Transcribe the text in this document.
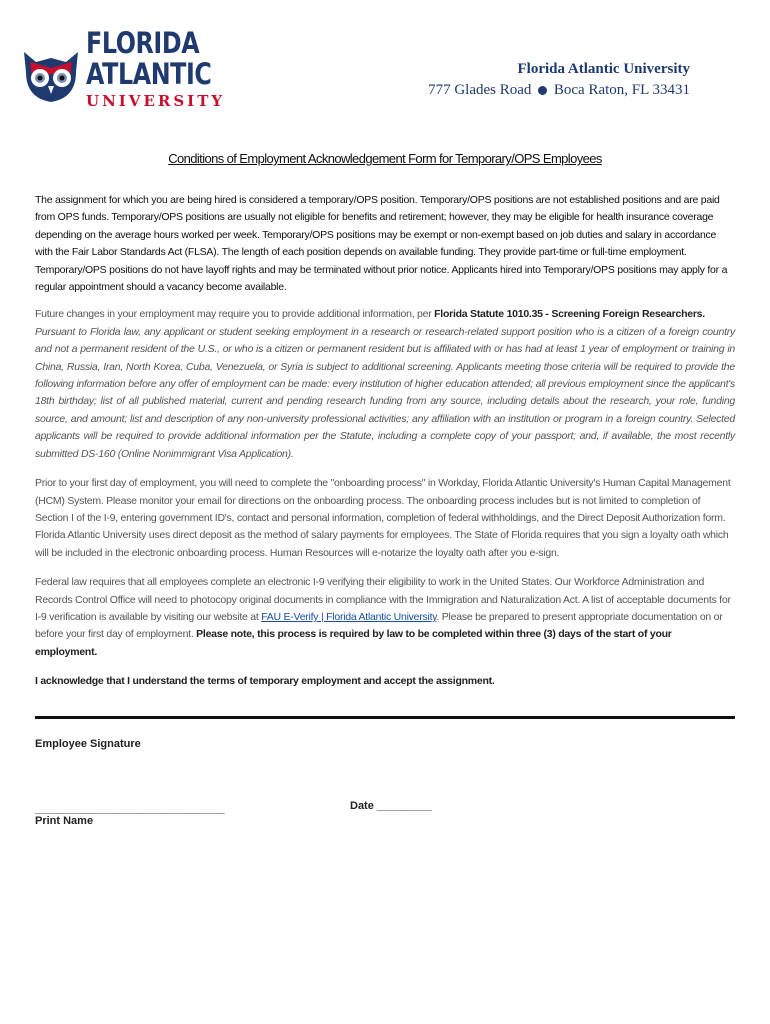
FLORIDA
ATLANTIC
UNIVERSITY
Florida Atlantic University
777 Glades Road Boca Raton, FL 33431
Conditions of Employment Acknowledgement Form for Temporary/OPS Employees

The assignment for which you are being hired is considered a temporary/OPS position. Temporary/OPS positions are not established positions and are paid from OPS funds. Temporary/OPS positions are usually not eligible for benefits and retirement; however, they may be eligible for health insurance coverage depending on the average hours worked per week. Temporary/OPS positions may be exempt or non-exempt based on job duties and salary in accordance with the Fair Labor Standards Act (FLSA). The length of each position depends on available funding. They provide part-time or full-time employment. Temporary/OPS positions do not have layoff rights and may be terminated without prior notice. Applicants hired into Temporary/OPS positions may apply for a regular appointment should a vacancy become available.

Future changes in your employment may require you to provide additional information, per Florida Statute 1010.35 - Screening Foreign Researchers.

Pursuant to Florida law, any applicant or student seeking employment in a research or research-related support position who is a citizen of a foreign country and not a permanent resident of the U.S., or who is a citizen or permanent resident but is affiliated with or has had at least 1 year of employment or training in China, Russia, Iran, North Korea, Cuba, Venezuela, or Syria is subject to additional screening. Applicants meeting those criteria will be required to provide the following information before any offer of employment can be made: every institution of higher education attended; all previous employment since the applicant's 18th birthday; list of all published material, current and pending research funding from any source, including details about the research, your role, funding source, and amount; list and description of any non-university professional activities; any affiliation with an institution or program in a foreign country. Selected applicants will be required to provide additional information per the Statute, including a complete copy of your passport; and, if available, the most recently submitted DS-160 (Online Nonimmigrant Visa Application).

Prior to your first day of employment, you will need to complete the "onboarding process" in Workday, Florida Atlantic University's Human Capital Management (HCM) System. Please monitor your email for directions on the onboarding process. The onboarding process includes but is not limited to completion of Section I of the I-9, entering government ID's, contact and personal information, completion of federal withholdings, and the Direct Deposit Authorization form. Florida Atlantic University uses direct deposit as the method of salary payments for employees. The State of Florida requires that you sign a loyalty oath which will be included in the electronic onboarding process. Human Resources will e-notarize the loyalty oath after you e-sign.

Federal law requires that all employees complete an electronic I-9 verifying their eligibility to work in the United States. Our Workforce Administration and Records Control Office will need to photocopy original documents in compliance with the Immigration and Naturalization Act. A list of acceptable documents for I-9 verification is available by visiting our website at FAU E-Verify | Florida Atlantic University. Please be prepared to present appropriate documentation on or before your first day of employment. Please note, this process is required by law to be completed within three (3) days of the start of your employment.

I acknowledge that I understand the terms of temporary employment and accept the assignment.
Employee Signature
_______________________________
Print Name
Date _________
